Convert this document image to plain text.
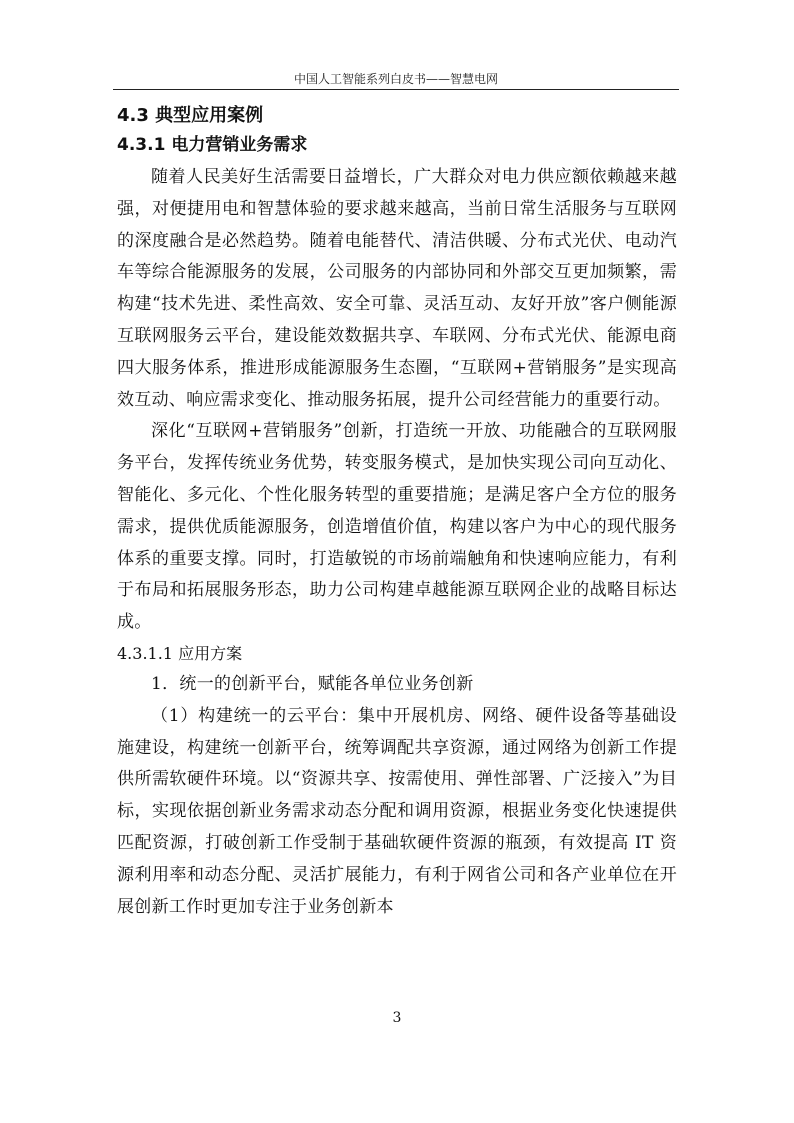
中国人工智能系列白皮书——智慧电网
4.3 典型应用案例
4.3.1 电力营销业务需求

随着人民美好生活需要日益增长，广大群众对电力供应额依赖越来越强，对便捷用电和智慧体验的要求越来越高，当前日常生活服务与互联网的深度融合是必然趋势。随着电能替代、清洁供暖、分布式光伏、电动汽车等综合能源服务的发展，公司服务的内部协同和外部交互更加频繁，需构建“技术先进、柔性高效、安全可靠、灵活互动、友好开放”客户侧能源互联网服务云平台，建设能效数据共享、车联网、分布式光伏、能源电商四大服务体系，推进形成能源服务生态圈，“互联网+营销服务”是实现高效互动、响应需求变化、推动服务拓展，提升公司经营能力的重要行动。

深化“互联网+营销服务”创新，打造统一开放、功能融合的互联网服务平台，发挥传统业务优势，转变服务模式，是加快实现公司向互动化、智能化、多元化、个性化服务转型的重要措施；是满足客户全方位的服务需求，提供优质能源服务，创造增值价值，构建以客户为中心的现代服务体系的重要支撑。同时，打造敏锐的市场前端触角和快速响应能力，有利于布局和拓展服务形态，助力公司构建卓越能源互联网企业的战略目标达成。

4.3.1.1 应用方案

1．统一的创新平台，赋能各单位业务创新

（1）构建统一的云平台：集中开展机房、网络、硬件设备等基础设施建设，构建统一创新平台，统筹调配共享资源，通过网络为创新工作提供所需软硬件环境。以“资源共享、按需使用、弹性部署、广泛接入”为目标，实现依据创新业务需求动态分配和调用资源，根据业务变化快速提供匹配资源，打破创新工作受制于基础软硬件资源的瓶颈，有效提高 IT 资源利用率和动态分配、灵活扩展能力，有利于网省公司和各产业单位在开展创新工作时更加专注于业务创新本

3
